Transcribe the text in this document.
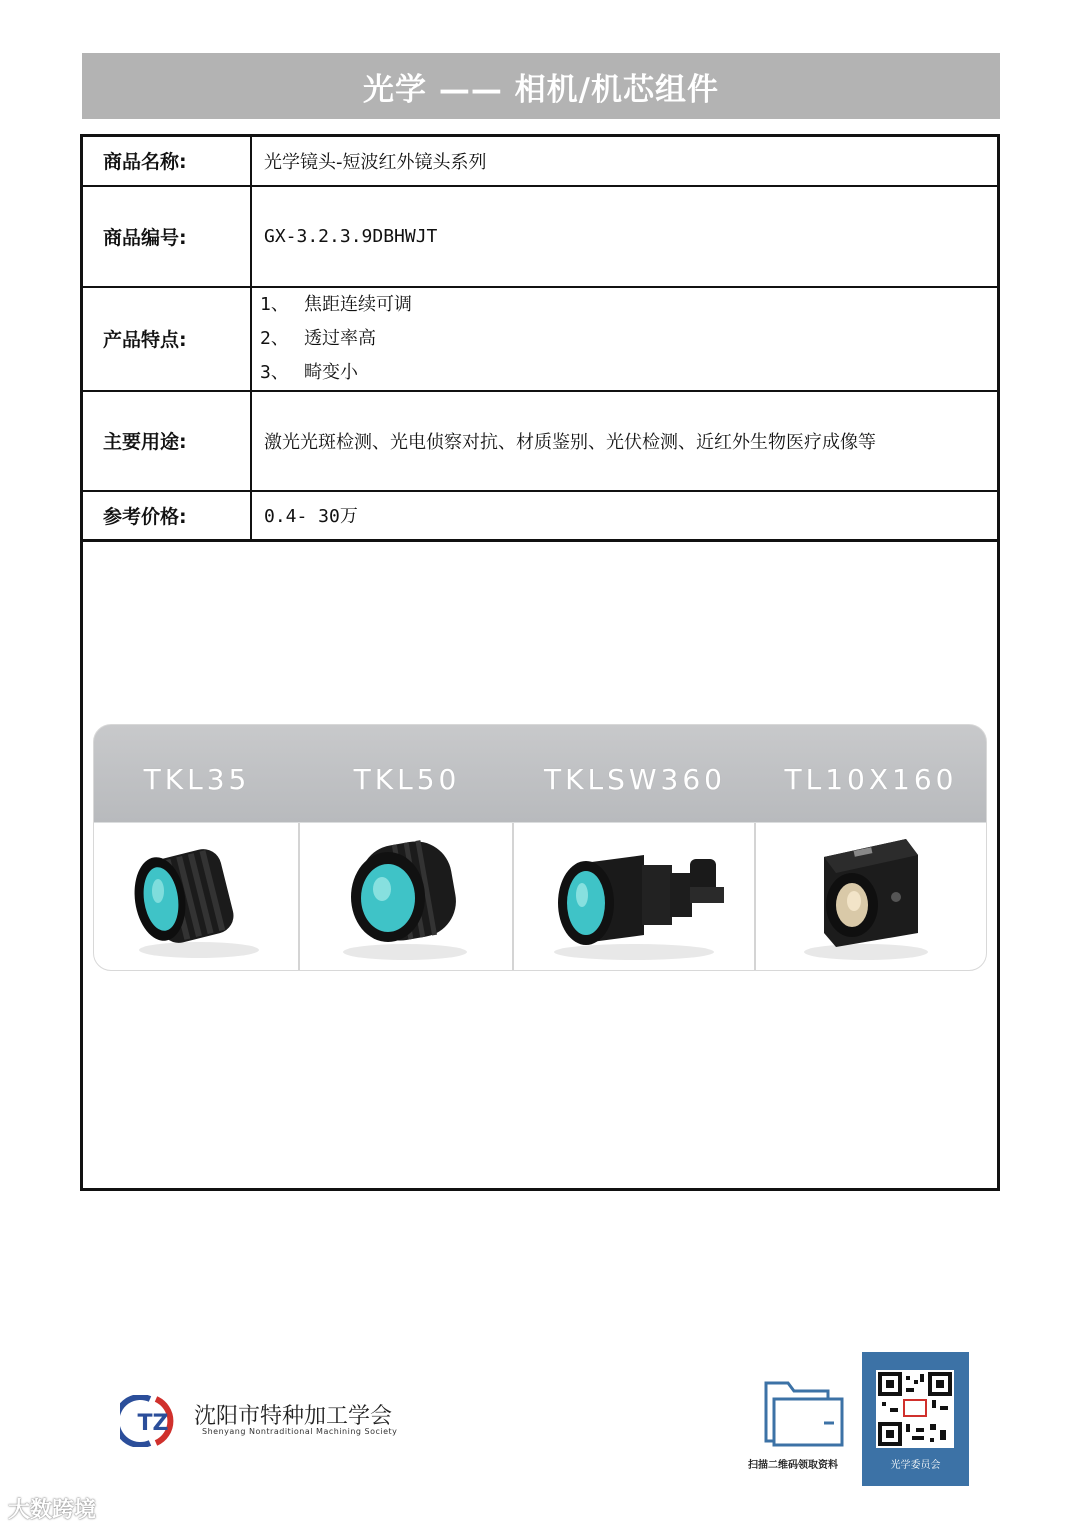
光学 —— 相机/机芯组件
商品名称:	光学镜头-短波红外镜头系列
商品编号:	GX-3.2.3.9DBHWJT
产品特点:	1、 焦距连续可调
2、 透过率高
3、 畸变小

主要用途:	激光光斑检测、光电侦察对抗、材质鉴别、光伏检测、近红外生物医疗成像等
参考价格:	0.4- 30万
TKL35	TKL50	TKLSW360	TL10X160
TZ 沈阳市特种加工学会
Shenyang Nontraditional Machining Society
扫描二维码领取资料	光学委员会
大数跨境
